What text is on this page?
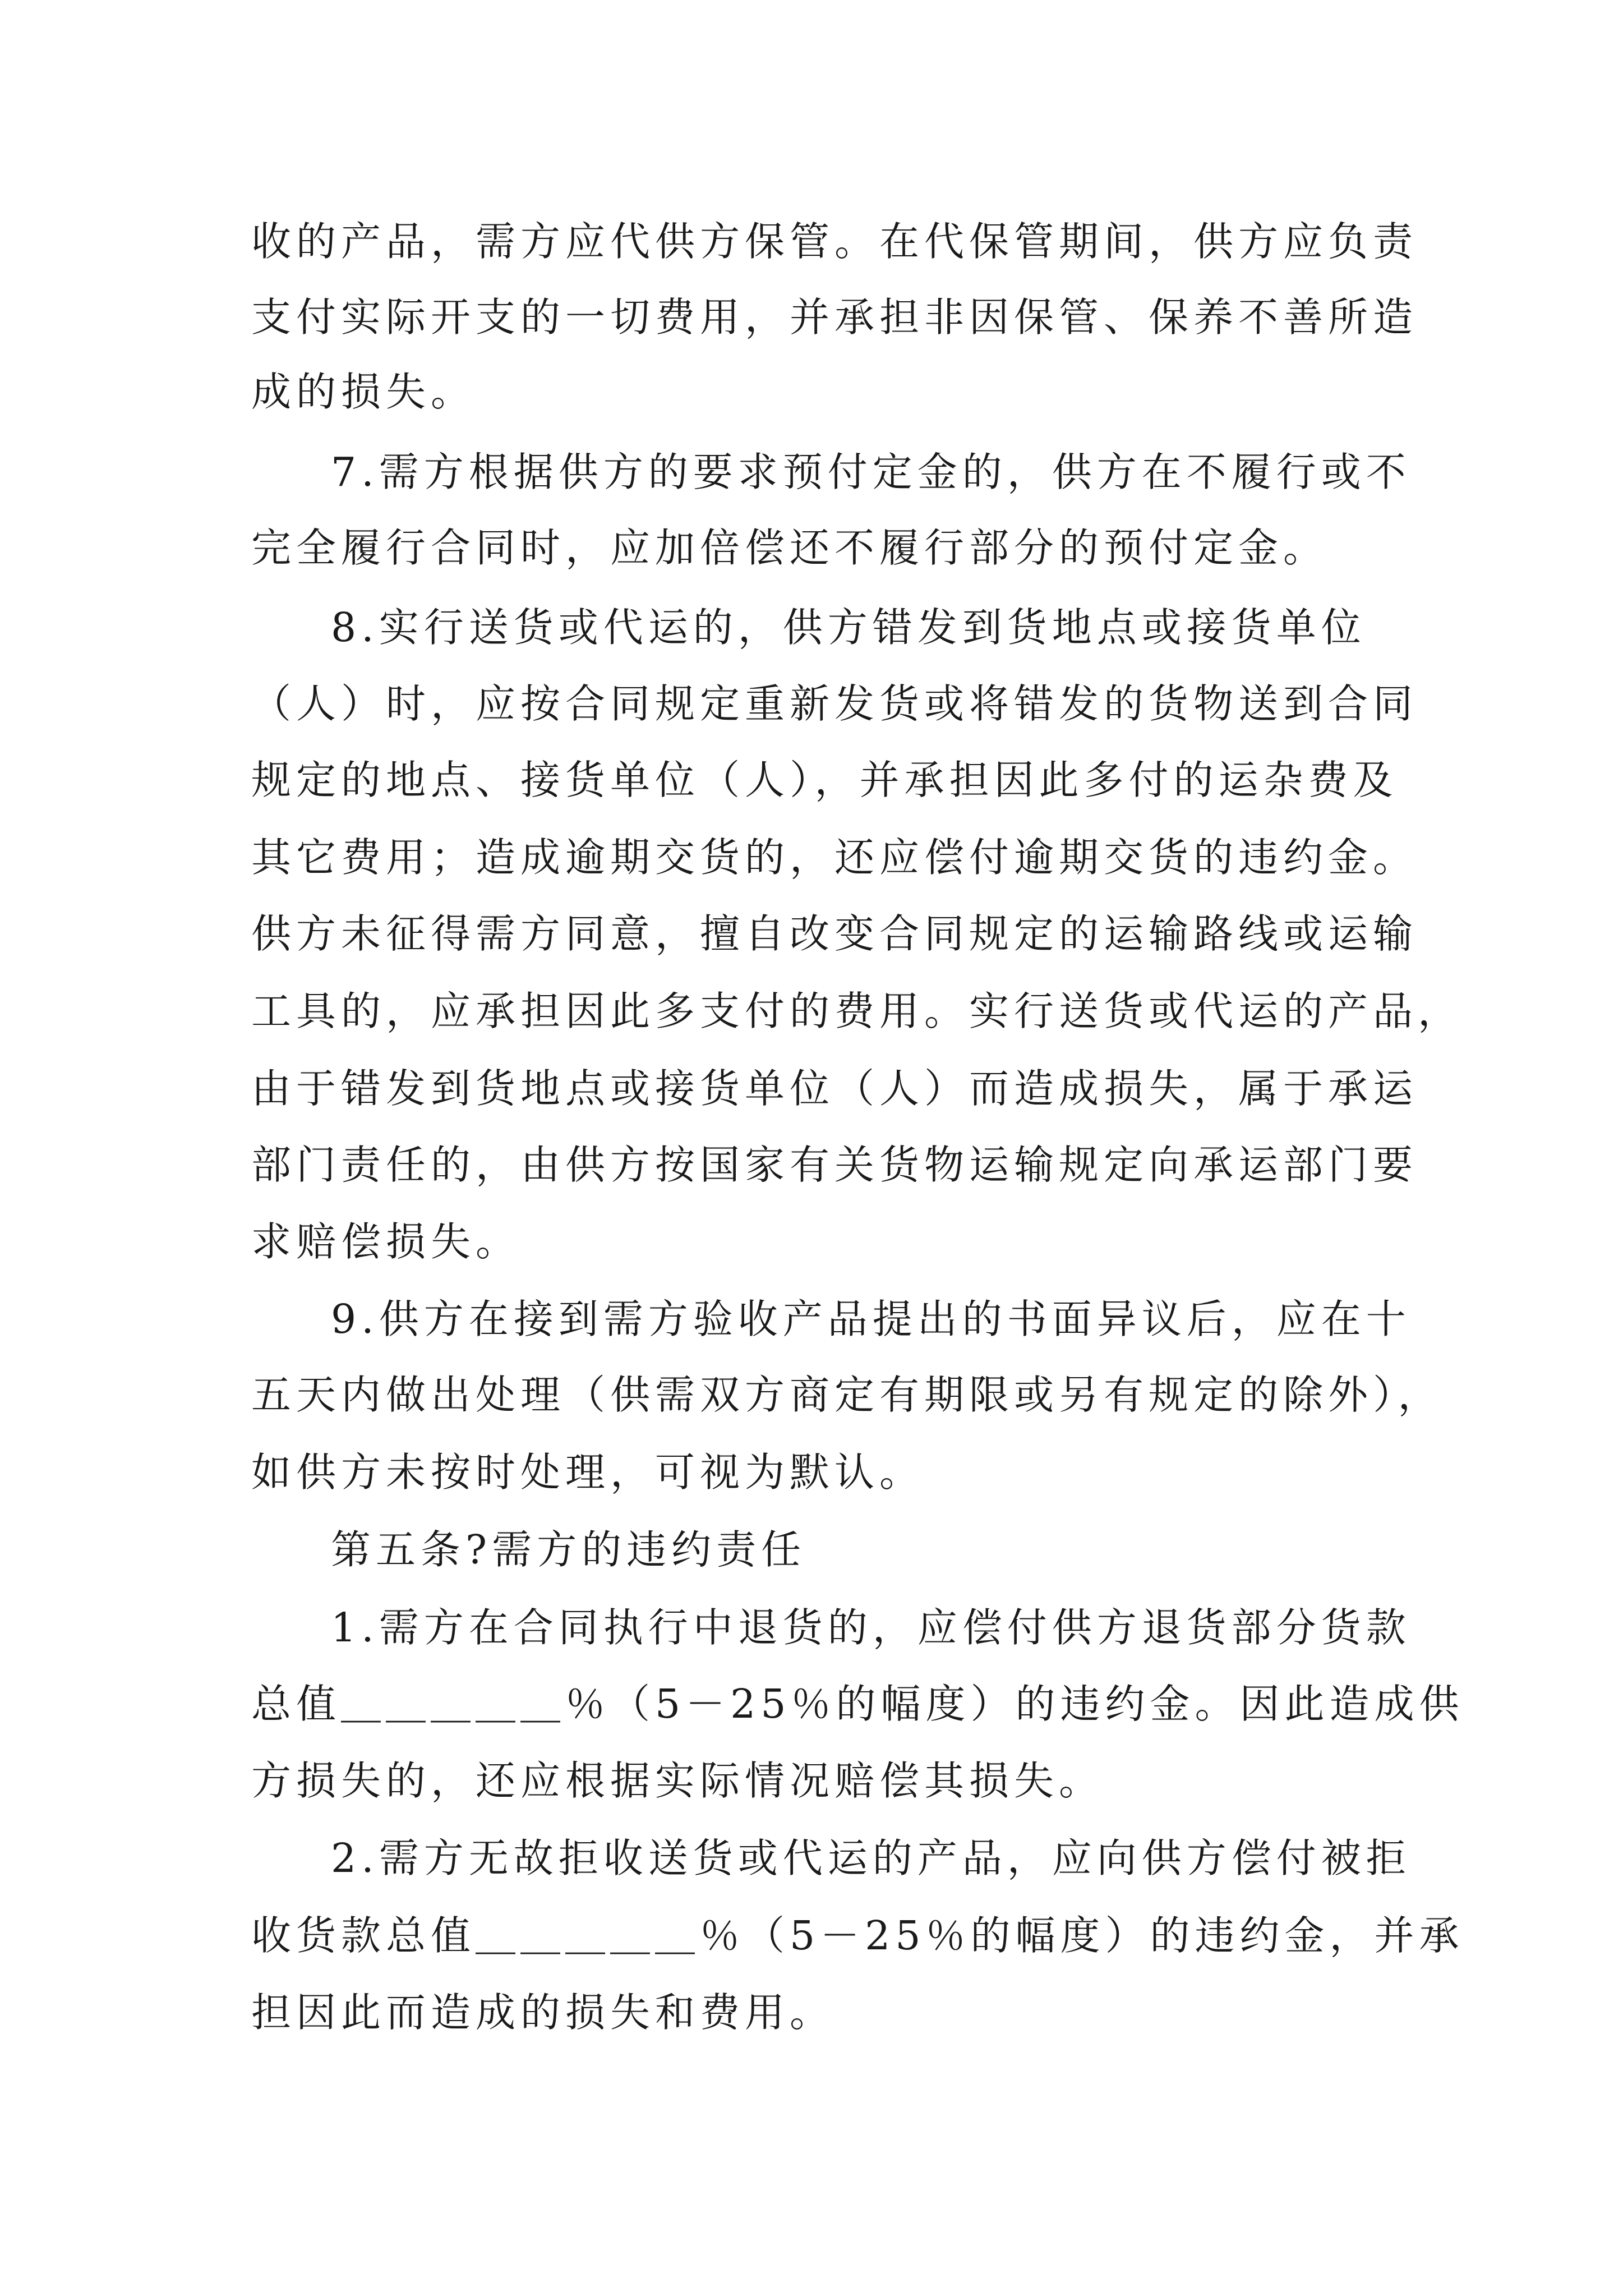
收的产品，需方应代供方保管。在代保管期间，供方应负责
支付实际开支的一切费用，并承担非因保管、保养不善所造
成的损失。
7.需方根据供方的要求预付定金的，供方在不履行或不
完全履行合同时，应加倍偿还不履行部分的预付定金。
8.实行送货或代运的，供方错发到货地点或接货单位
（人）时，应按合同规定重新发货或将错发的货物送到合同
规定的地点、接货单位（人），并承担因此多付的运杂费及
其它费用；造成逾期交货的，还应偿付逾期交货的违约金。
供方未征得需方同意，擅自改变合同规定的运输路线或运输
工具的，应承担因此多支付的费用。实行送货或代运的产品，
由于错发到货地点或接货单位（人）而造成损失，属于承运
部门责任的，由供方按国家有关货物运输规定向承运部门要
求赔偿损失。
9.供方在接到需方验收产品提出的书面异议后，应在十
五天内做出处理（供需双方商定有期限或另有规定的除外），
如供方未按时处理，可视为默认。
第五条?需方的违约责任
1.需方在合同执行中退货的，应偿付供方退货部分货款
总值＿＿＿＿＿％（5－25％的幅度）的违约金。因此造成供
方损失的，还应根据实际情况赔偿其损失。
2.需方无故拒收送货或代运的产品，应向供方偿付被拒
收货款总值＿＿＿＿＿％（5－25％的幅度）的违约金，并承
担因此而造成的损失和费用。
